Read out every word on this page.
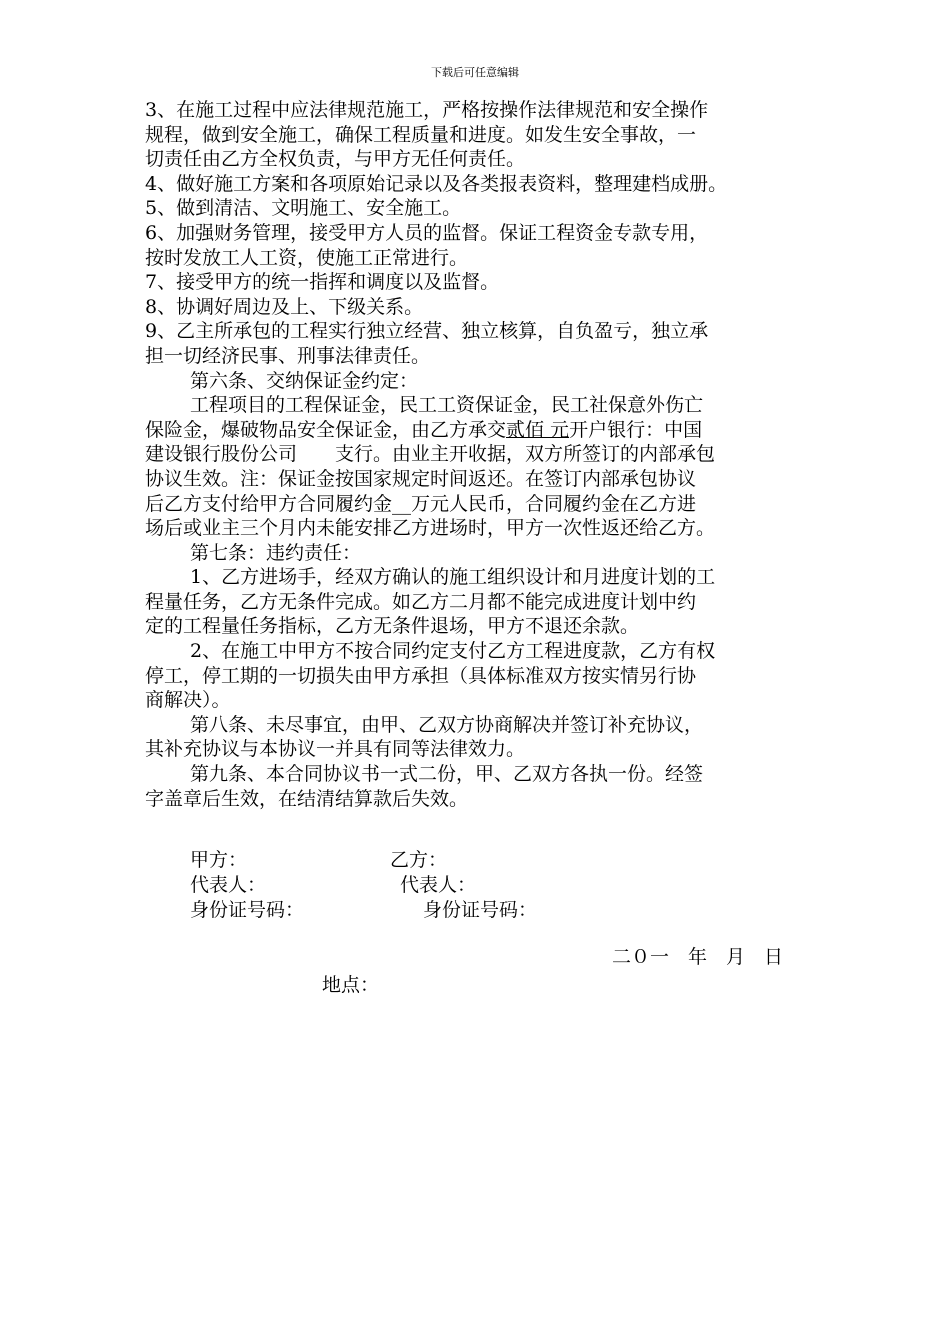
下载后可任意编辑

3、在施工过程中应法律规范施工，严格按操作法律规范和安全操作

规程，做到安全施工，确保工程质量和进度。如发生安全事故，一

切责任由乙方全权负责，与甲方无任何责任。

4、做好施工方案和各项原始记录以及各类报表资料，整理建档成册。

5、做到清洁、文明施工、安全施工。

6、加强财务管理，接受甲方人员的监督。保证工程资金专款专用，

按时发放工人工资，使施工正常进行。

7、接受甲方的统一指挥和调度以及监督。

8、协调好周边及上、下级关系。

9、乙主所承包的工程实行独立经营、独立核算，自负盈亏，独立承

担一切经济民事、刑事法律责任。

第六条、交纳保证金约定：

工程项目的工程保证金，民工工资保证金，民工社保意外伤亡

保险金，爆破物品安全保证金，由乙方承交贰佰 元开户银行：中国

建设银行股份公司　　支行。由业主开收据，双方所签订的内部承包

协议生效。注：保证金按国家规定时间返还。在签订内部承包协议

后乙方支付给甲方合同履约金__万元人民币，合同履约金在乙方进

场后或业主三个月内未能安排乙方进场时，甲方一次性返还给乙方。

第七条：违约责任：

1、乙方进场手，经双方确认的施工组织设计和月进度计划的工

程量任务，乙方无条件完成。如乙方二月都不能完成进度计划中约

定的工程量任务指标，乙方无条件退场，甲方不退还余款。

2、在施工中甲方不按合同约定支付乙方工程进度款，乙方有权

停工，停工期的一切损失由甲方承担（具体标准双方按实情另行协

商解决）。

第八条、未尽事宜，由甲、乙双方协商解决并签订补充协议，

其补充协议与本协议一并具有同等法律效力。

第九条、本合同协议书一式二份，甲、乙双方各执一份。经签

字盖章后生效，在结清结算款后失效。

甲方：	乙方：
代表人：	代表人：
身份证号码：	身份证号码：
二０一　年　月　日
地点：
